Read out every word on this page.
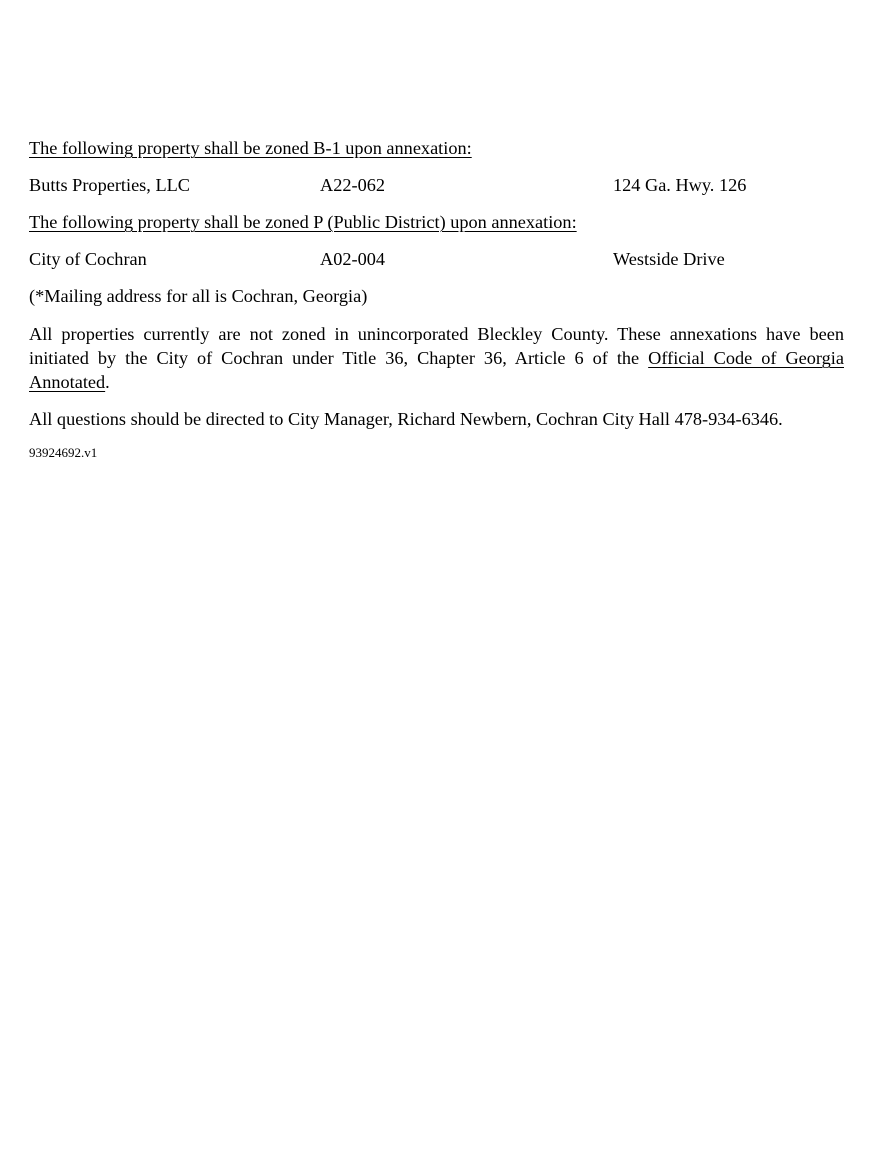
The following property shall be zoned B-1 upon annexation:
Butts Properties, LLC	A22-062	124 Ga. Hwy. 126
The following property shall be zoned P (Public District) upon annexation:
City of Cochran	A02-004	Westside Drive
(*Mailing address for all is Cochran, Georgia)
All properties currently are not zoned in unincorporated Bleckley County. These annexations have been initiated by the City of Cochran under Title 36, Chapter 36, Article 6 of the Official Code of Georgia Annotated.
All questions should be directed to City Manager, Richard Newbern, Cochran City Hall 478-934-6346.
93924692.v1
